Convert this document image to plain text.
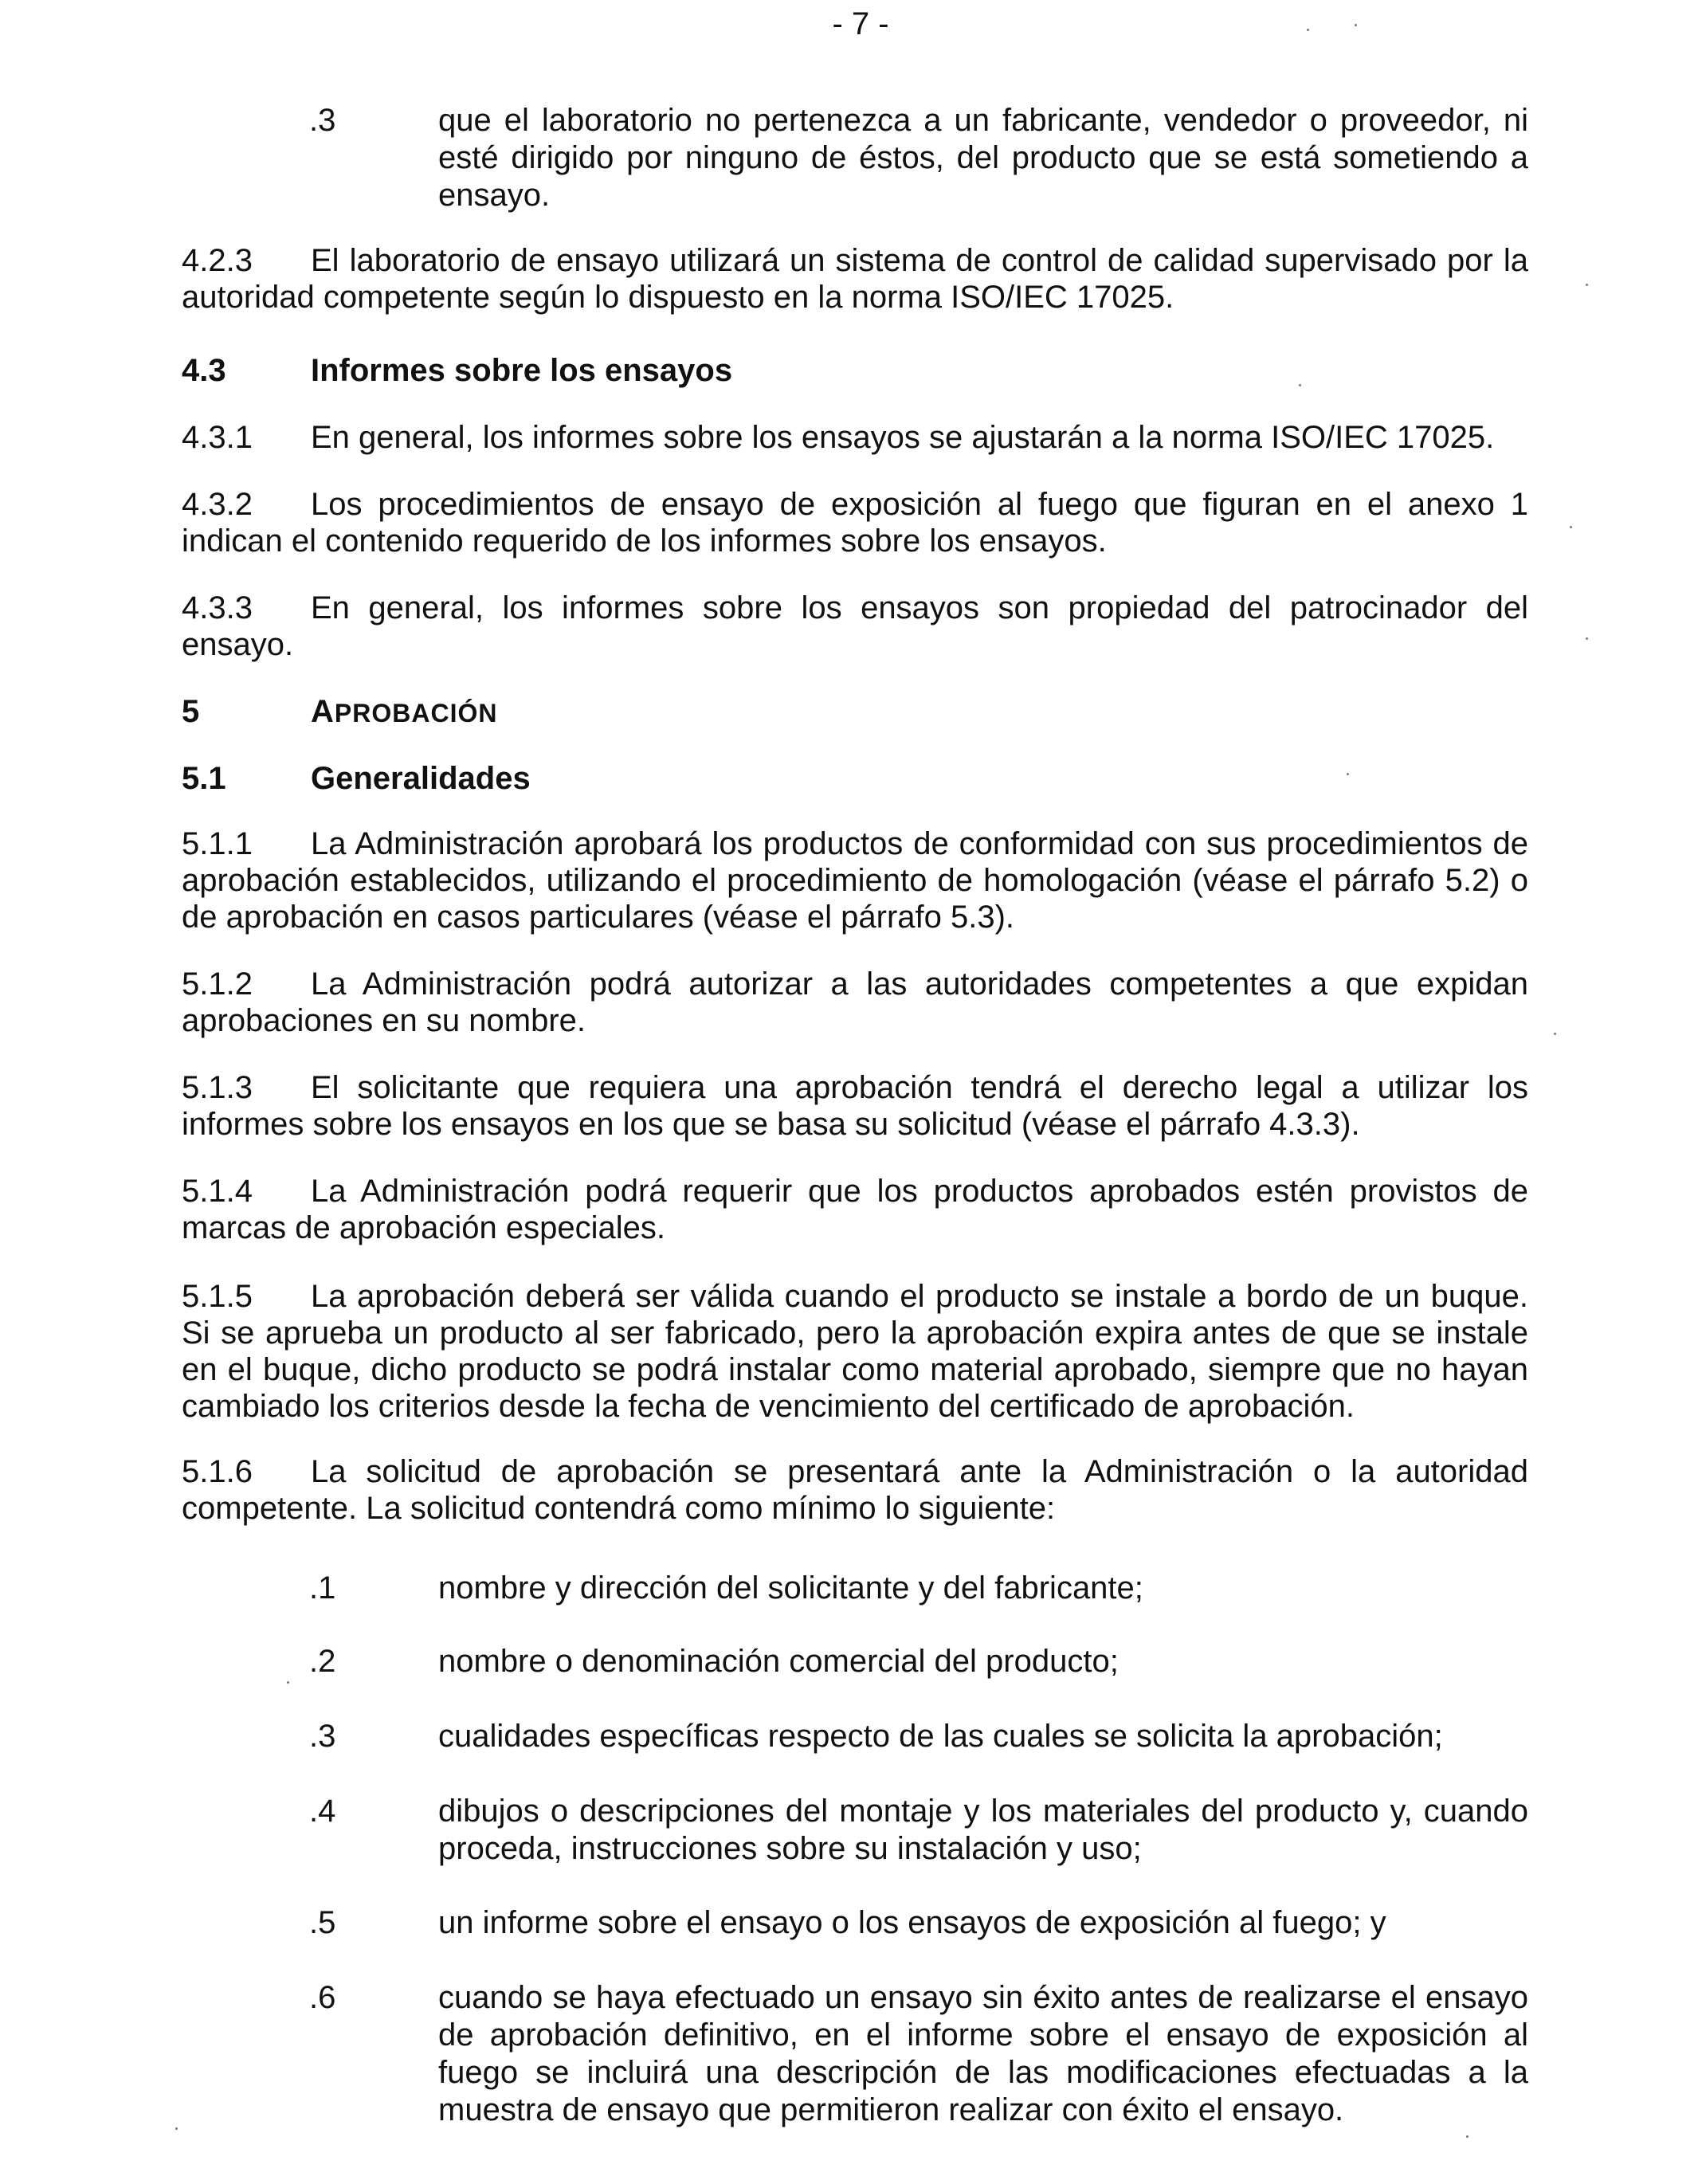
- 7 -
.3	que el laboratorio no pertenezca a un fabricante, vendedor o proveedor, ni esté dirigido por ninguno de éstos, del producto que se está sometiendo a ensayo.
4.2.3 El laboratorio de ensayo utilizará un sistema de control de calidad supervisado por la autoridad competente según lo dispuesto en la norma ISO/IEC 17025.
4.3	Informes sobre los ensayos
4.3.1 En general, los informes sobre los ensayos se ajustarán a la norma ISO/IEC 17025.
4.3.2 Los procedimientos de ensayo de exposición al fuego que figuran en el anexo 1 indican el contenido requerido de los informes sobre los ensayos.
4.3.3 En general, los informes sobre los ensayos son propiedad del patrocinador del ensayo.
5	APROBACIÓN
5.1	Generalidades
5.1.1 La Administración aprobará los productos de conformidad con sus procedimientos de aprobación establecidos, utilizando el procedimiento de homologación (véase el párrafo 5.2) o de aprobación en casos particulares (véase el párrafo 5.3).
5.1.2 La Administración podrá autorizar a las autoridades competentes a que expidan aprobaciones en su nombre.
5.1.3 El solicitante que requiera una aprobación tendrá el derecho legal a utilizar los informes sobre los ensayos en los que se basa su solicitud (véase el párrafo 4.3.3).
5.1.4 La Administración podrá requerir que los productos aprobados estén provistos de marcas de aprobación especiales.
5.1.5 La aprobación deberá ser válida cuando el producto se instale a bordo de un buque. Si se aprueba un producto al ser fabricado, pero la aprobación expira antes de que se instale en el buque, dicho producto se podrá instalar como material aprobado, siempre que no hayan cambiado los criterios desde la fecha de vencimiento del certificado de aprobación.
5.1.6 La solicitud de aprobación se presentará ante la Administración o la autoridad competente. La solicitud contendrá como mínimo lo siguiente:
.1	nombre y dirección del solicitante y del fabricante;
.2	nombre o denominación comercial del producto;
.3	cualidades específicas respecto de las cuales se solicita la aprobación;
.4	dibujos o descripciones del montaje y los materiales del producto y, cuando proceda, instrucciones sobre su instalación y uso;
.5	un informe sobre el ensayo o los ensayos de exposición al fuego; y
.6	cuando se haya efectuado un ensayo sin éxito antes de realizarse el ensayo de aprobación definitivo, en el informe sobre el ensayo de exposición al fuego se incluirá una descripción de las modificaciones efectuadas a la muestra de ensayo que permitieron realizar con éxito el ensayo.
